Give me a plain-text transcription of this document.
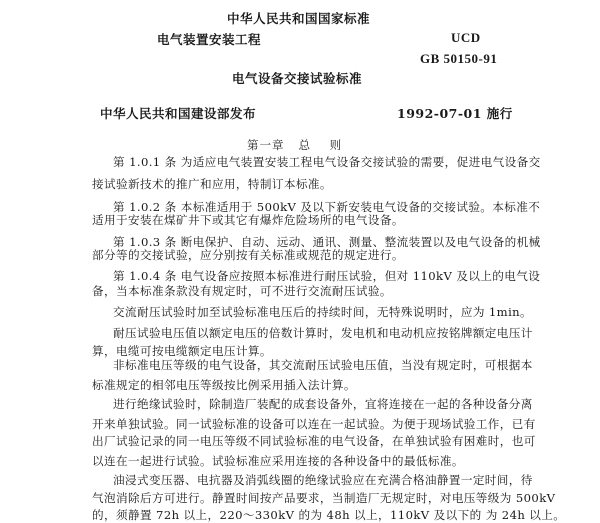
中华人民共和国国家标准
电气装置安装工程	UCD
GB 50150-91
电气设备交接试验标准
中华人民共和国建设部发布	1992-07-01 施行
第一章   总    则
第 1.0.1 条 为适应电气装置安装工程电气设备交接试验的需要，促进电气设备交
接试验新技术的推广和应用，特制订本标准。
第 1.0.2 条 本标准适用于 500kV 及以下新安装电气设备的交接试验。本标准不
适用于安装在煤矿井下或其它有爆炸危险场所的电气设备。
第 1.0.3 条 断电保护、自动、远动、通讯、测量、整流装置以及电气设备的机械
部分等的交接试验，应分别按有关标准或规范的规定进行。
第 1.0.4 条 电气设备应按照本标准进行耐压试验，但对 110kV 及以上的电气设
备，当本标准条款没有规定时，可不进行交流耐压试验。
交流耐压试验时加至试验标准电压后的持续时间，无特殊说明时，应为 1min。
耐压试验电压值以额定电压的倍数计算时，发电机和电动机应按铭牌额定电压计
算，电缆可按电缆额定电压计算。
非标准电压等级的电气设备，其交流耐压试验电压值，当没有规定时，可根据本
标准规定的相邻电压等级按比例采用插入法计算。
进行绝缘试验时，除制造厂装配的成套设备外，宜将连接在一起的各种设备分离
开来单独试验。同一试验标准的设备可以连在一起试验。为便于现场试验工作，已有
出厂试验记录的同一电压等级不同试验标准的电气设备，在单独试验有困难时，也可
以连在一起进行试验。试验标准应采用连接的各种设备中的最低标准。
油浸式变压器、电抗器及消弧线圈的绝缘试验应在充满合格油静置一定时间，待
气泡消除后方可进行。静置时间按产品要求，当制造厂无规定时，对电压等级为 500kV
的，须静置 72h 以上，220～330kV 的为 48h 以上，110kV 及以下的 为 24h 以上。
